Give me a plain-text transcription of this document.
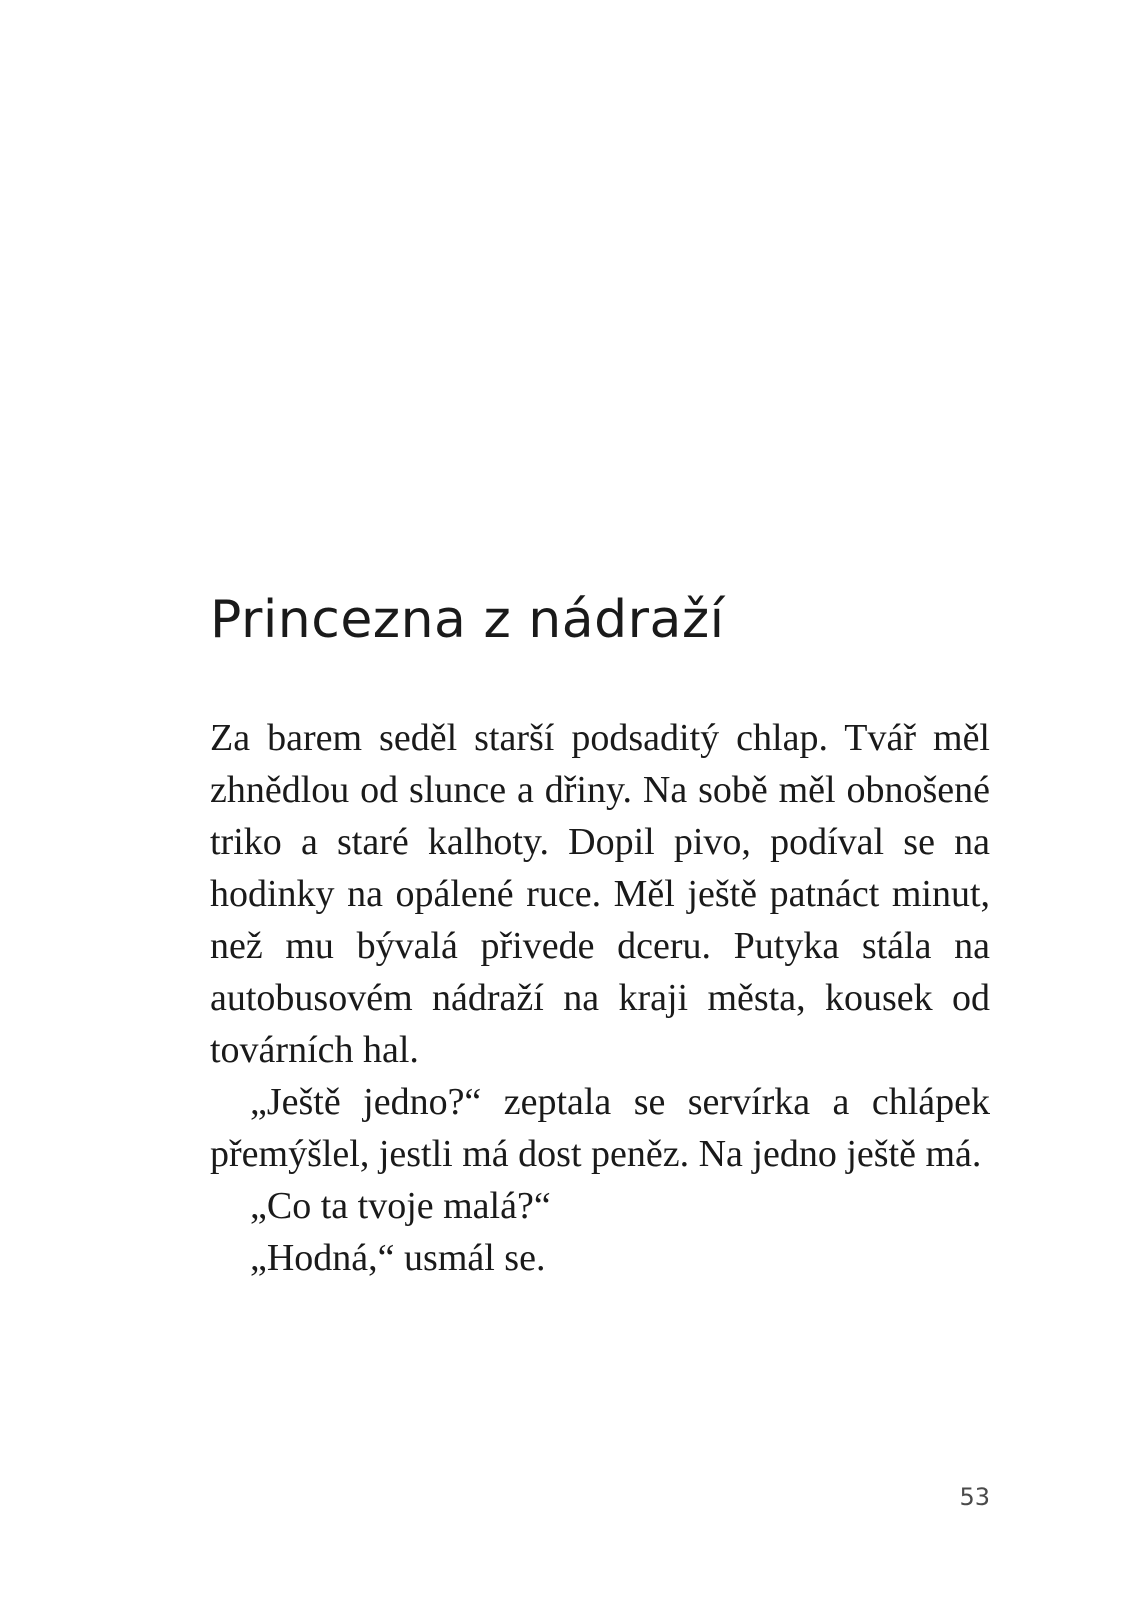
Princezna z nádraží

Za barem seděl starší podsaditý chlap. Tvář měl zhnědlou od slunce a dřiny. Na sobě měl obnošené triko a staré kalhoty. Dopil pivo, podíval se na hodinky na opálené ruce. Měl ještě patnáct minut, než mu bývalá přivede dceru. Putyka stála na autobusovém nádraží na kraji města, kousek od továrních hal.

„Ještě jedno?“ zeptala se servírka a chlápek přemýšlel, jestli má dost peněz. Na jedno ještě má.

„Co ta tvoje malá?“

„Hodná,“ usmál se.

53
